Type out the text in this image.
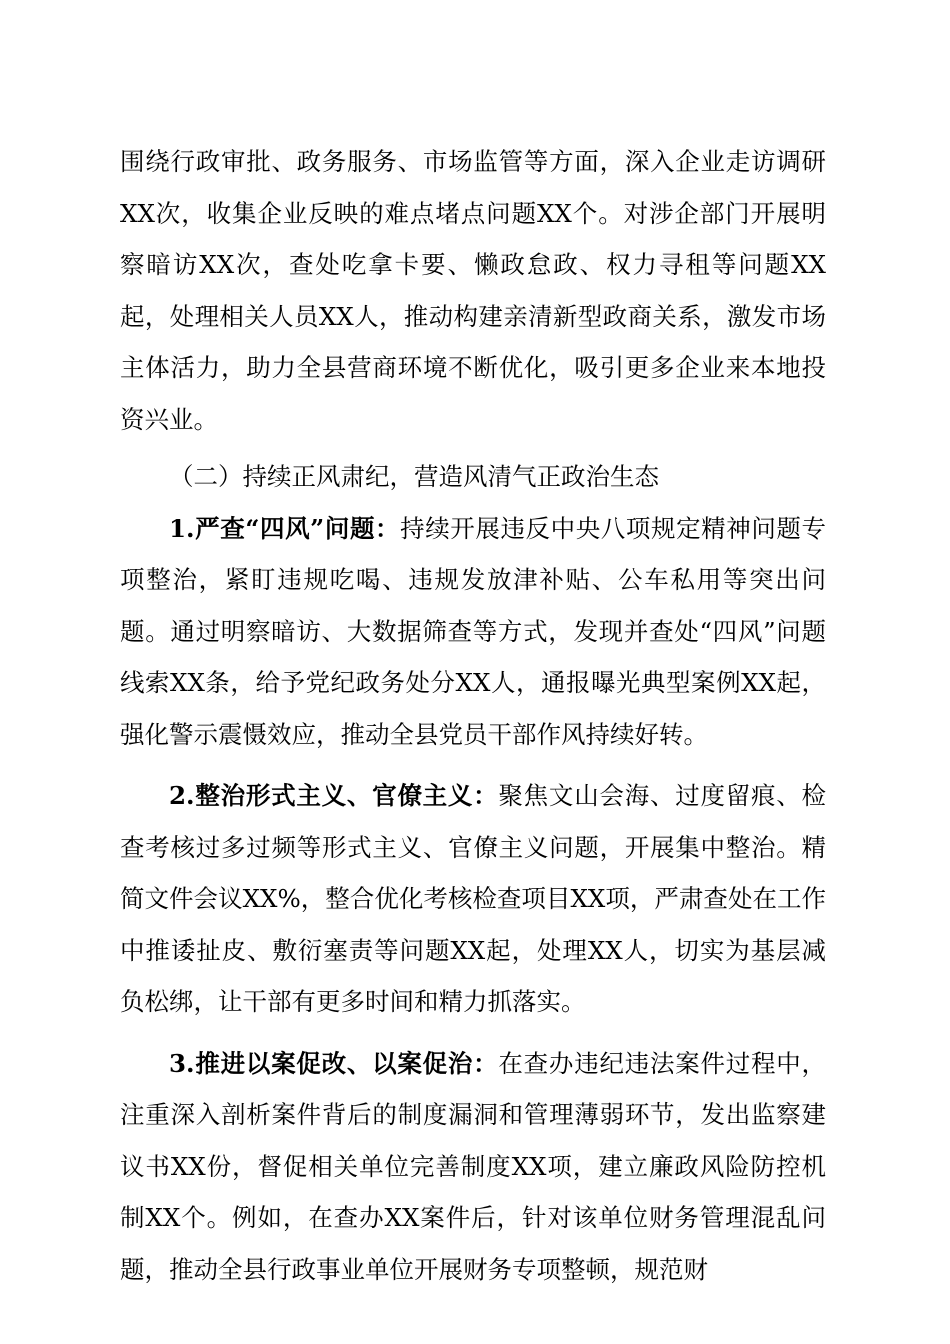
围绕行政审批、政务服务、市场监管等方面，深入企业走访调研XX次，收集企业反映的难点堵点问题XX个。对涉企部门开展明察暗访XX次，查处吃拿卡要、懒政怠政、权力寻租等问题XX起，处理相关人员XX人，推动构建亲清新型政商关系，激发市场主体活力，助力全县营商环境不断优化，吸引更多企业来本地投资兴业。

（二）持续正风肃纪，营造风清气正政治生态

1.严查“四风”问题：持续开展违反中央八项规定精神问题专项整治，紧盯违规吃喝、违规发放津补贴、公车私用等突出问题。通过明察暗访、大数据筛查等方式，发现并查处“四风”问题线索XX条，给予党纪政务处分XX人，通报曝光典型案例XX起，强化警示震慑效应，推动全县党员干部作风持续好转。

2.整治形式主义、官僚主义：聚焦文山会海、过度留痕、检查考核过多过频等形式主义、官僚主义问题，开展集中整治。精简文件会议XX%，整合优化考核检查项目XX项，严肃查处在工作中推诿扯皮、敷衍塞责等问题XX起，处理XX人，切实为基层减负松绑，让干部有更多时间和精力抓落实。

3.推进以案促改、以案促治：在查办违纪违法案件过程中，注重深入剖析案件背后的制度漏洞和管理薄弱环节，发出监察建议书XX份，督促相关单位完善制度XX项，建立廉政风险防控机制XX个。例如，在查办XX案件后，针对该单位财务管理混乱问题，推动全县行政事业单位开展财务专项整顿，规范财
